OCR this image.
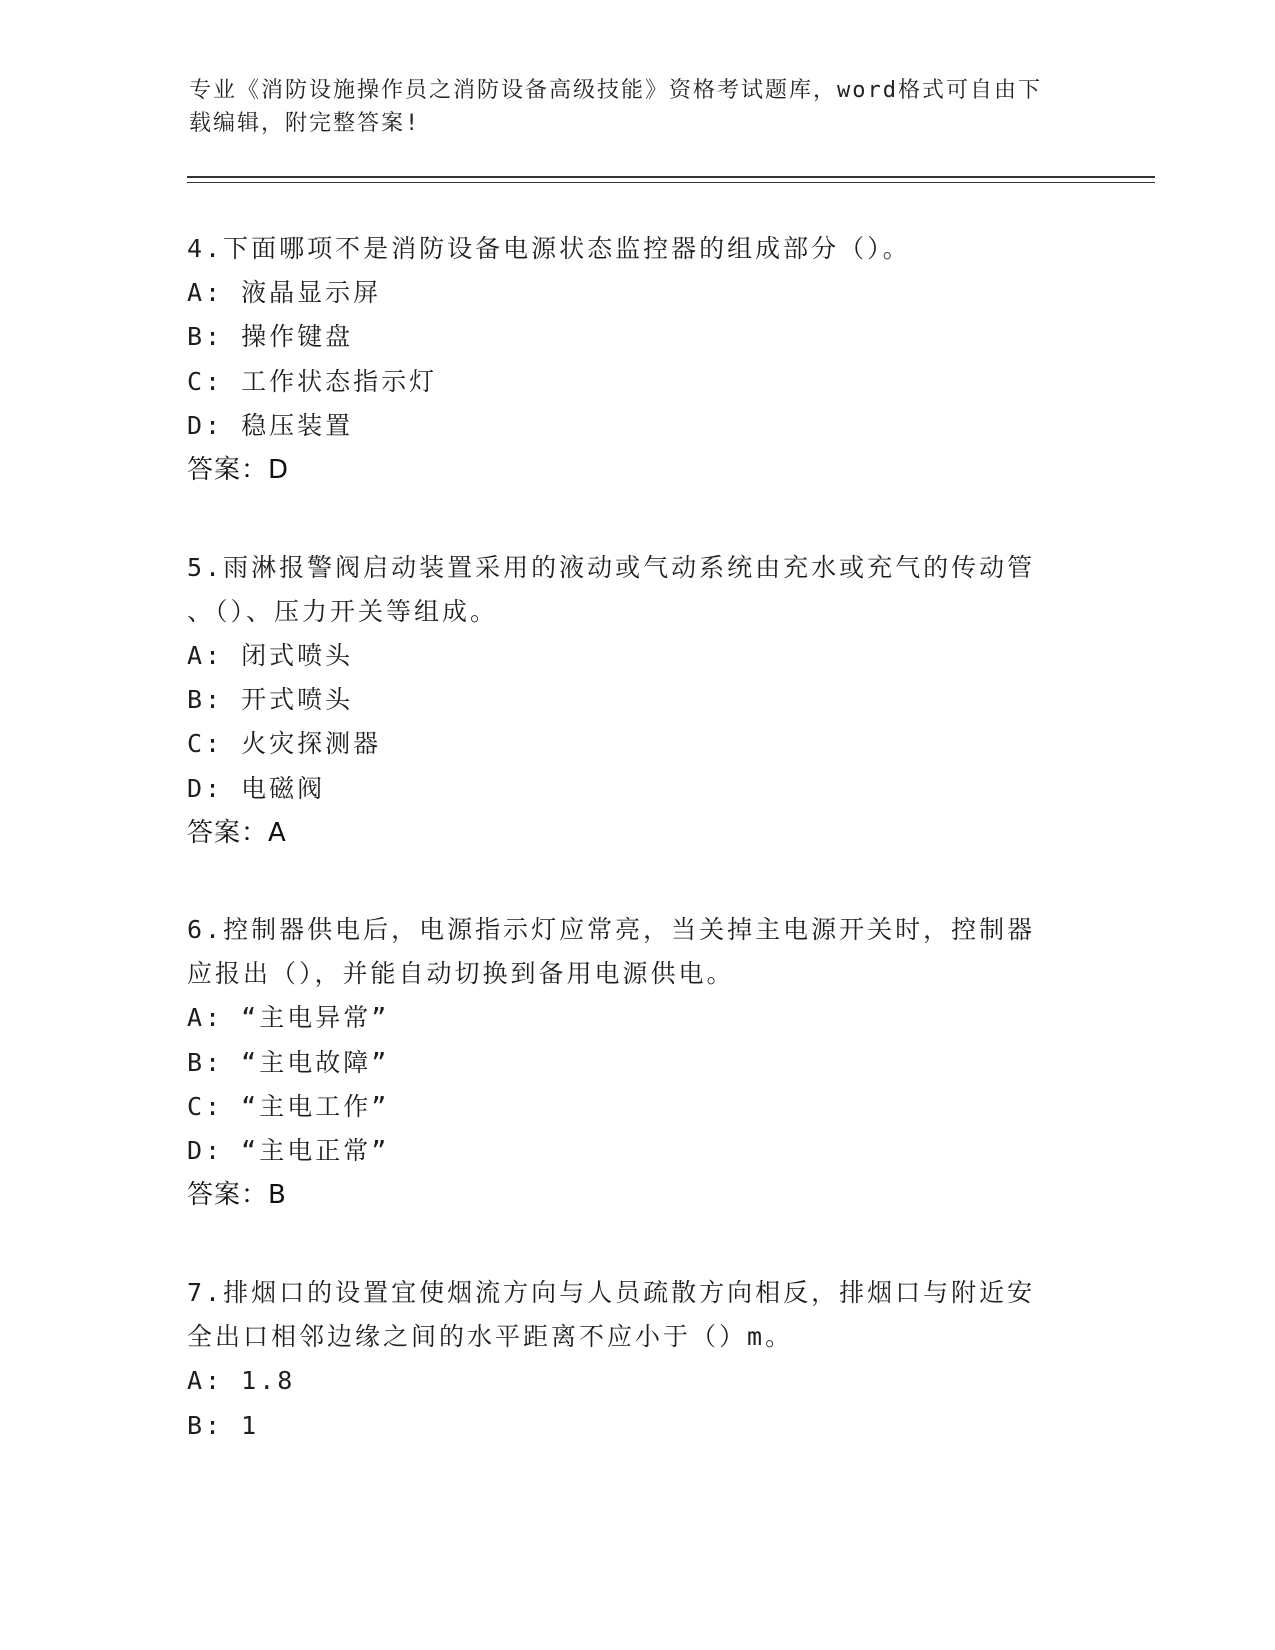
专业《消防设施操作员之消防设备高级技能》资格考试题库，word格式可自由下
载编辑，附完整答案!
4.下面哪项不是消防设备电源状态监控器的组成部分（）。
A: 液晶显示屏
B: 操作键盘
C: 工作状态指示灯
D: 稳压装置
答案：D
5.雨淋报警阀启动装置采用的液动或气动系统由充水或充气的传动管
、（）、压力开关等组成。
A: 闭式喷头
B: 开式喷头
C: 火灾探测器
D: 电磁阀
答案：A
6.控制器供电后，电源指示灯应常亮，当关掉主电源开关时，控制器
应报出（），并能自动切换到备用电源供电。
A: “主电异常”
B: “主电故障”
C: “主电工作”
D: “主电正常”
答案：B
7.排烟口的设置宜使烟流方向与人员疏散方向相反，排烟口与附近安
全出口相邻边缘之间的水平距离不应小于（）m。
A: 1.8
B: 1
